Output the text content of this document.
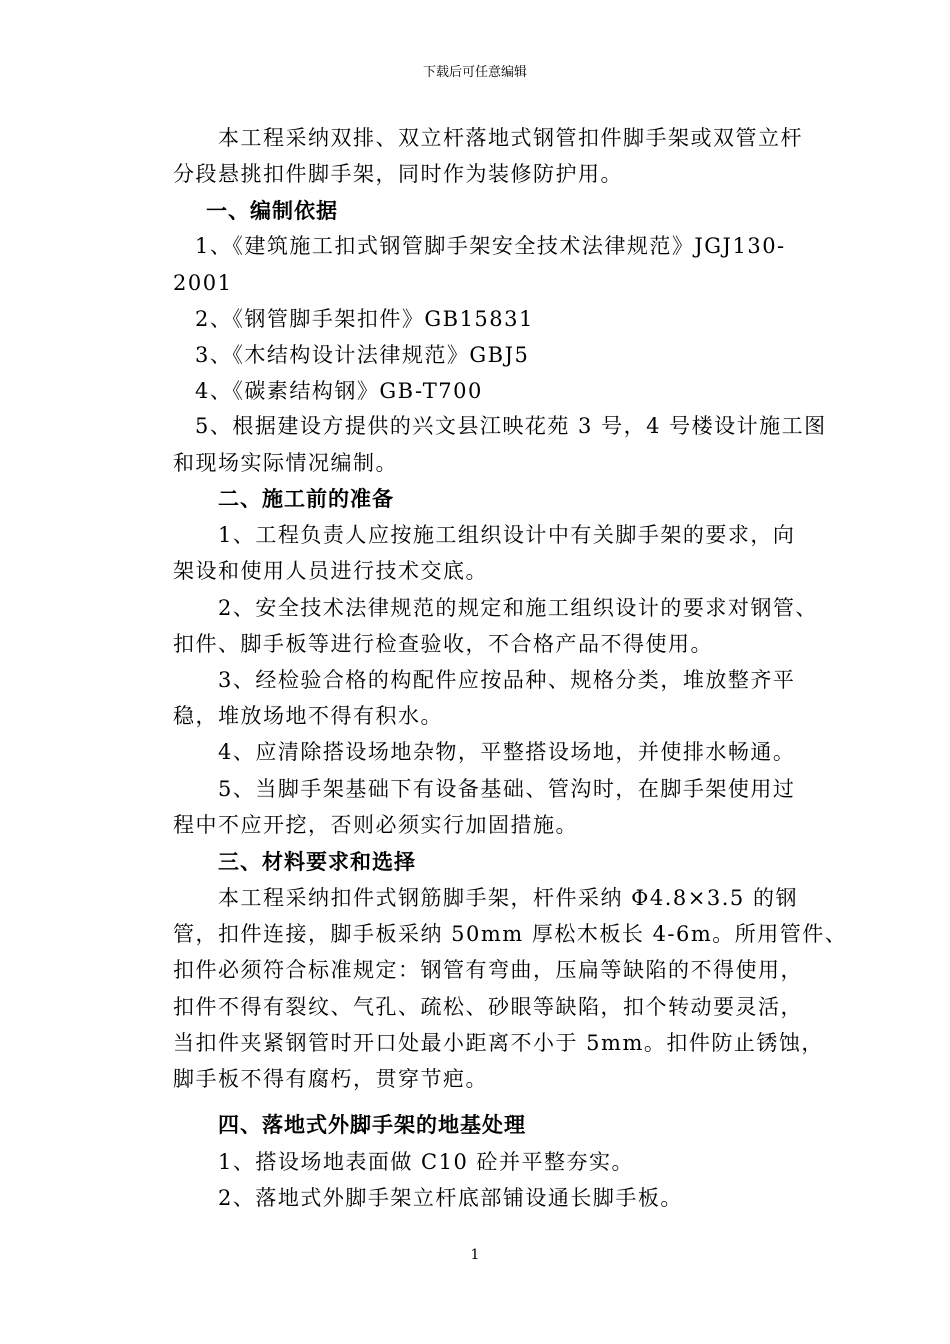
下载后可任意编辑
本工程采纳双排、双立杆落地式钢管扣件脚手架或双管立杆
分段悬挑扣件脚手架，同时作为装修防护用。
一、编制依据
1、《建筑施工扣式钢管脚手架安全技术法律规范》JGJ130-
2001
2、《钢管脚手架扣件》GB15831
3、《木结构设计法律规范》GBJ5
4、《碳素结构钢》GB-T700
5、根据建设方提供的兴文县江映花苑 3 号，4 号楼设计施工图
和现场实际情况编制。
二、施工前的准备
1、工程负责人应按施工组织设计中有关脚手架的要求，向
架设和使用人员进行技术交底。
2、安全技术法律规范的规定和施工组织设计的要求对钢管、
扣件、脚手板等进行检查验收，不合格产品不得使用。
3、经检验合格的构配件应按品种、规格分类，堆放整齐平
稳，堆放场地不得有积水。
4、应清除搭设场地杂物，平整搭设场地，并使排水畅通。
5、当脚手架基础下有设备基础、管沟时，在脚手架使用过
程中不应开挖，否则必须实行加固措施。
三、材料要求和选择
本工程采纳扣件式钢筋脚手架，杆件采纳 Φ4.8×3.5 的钢
管，扣件连接，脚手板采纳 50mm 厚松木板长 4-6m。所用管件、
扣件必须符合标准规定：钢管有弯曲，压扁等缺陷的不得使用，
扣件不得有裂纹、气孔、疏松、砂眼等缺陷，扣个转动要灵活，
当扣件夹紧钢管时开口处最小距离不小于 5mm。扣件防止锈蚀，
脚手板不得有腐朽，贯穿节疤。
四、落地式外脚手架的地基处理
1、搭设场地表面做 C10 砼并平整夯实。
2、落地式外脚手架立杆底部铺设通长脚手板。
1
